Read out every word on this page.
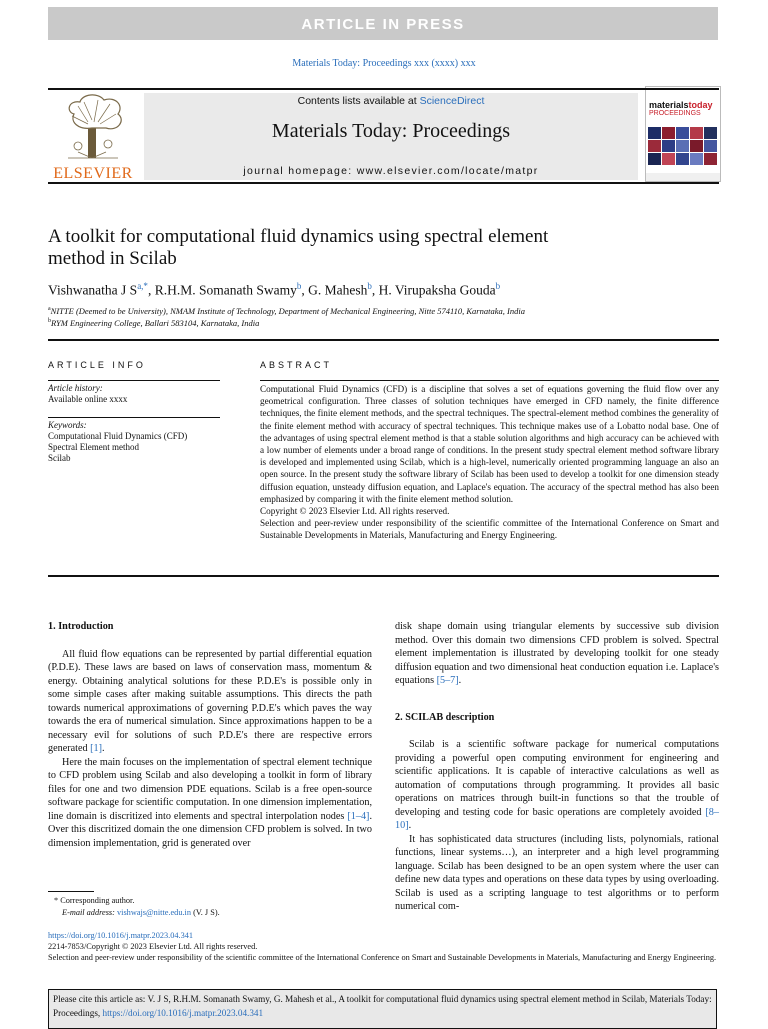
ARTICLE IN PRESS
Materials Today: Proceedings xxx (xxxx) xxx
ELSEVIER
Contents lists available at ScienceDirect
Materials Today: Proceedings
journal homepage: www.elsevier.com/locate/matpr
materialstoday
PROCEEDINGS
A toolkit for computational fluid dynamics using spectral element method in Scilab
Vishwanatha J $S^{a,*}$, R.H.M. Somanath Swamy$^b$, G. Mahesh$^b$, H. Virupaksha Gouda$^b$
$^a$NITTE (Deemed to be University), NMAM Institute of Technology, Department of Mechanical Engineering, Nitte 574110, Karnataka, India
$^b$RYM Engineering College, Ballari 583104, Karnataka, India
ARTICLE INFO
Article history:
Available online xxxx
Keywords:
Computational Fluid Dynamics (CFD)
Spectral Element method
Scilab
ABSTRACT

Computational Fluid Dynamics (CFD) is a discipline that solves a set of equations governing the fluid flow over any geometrical configuration. Three classes of solution techniques have emerged in CFD namely, the finite difference techniques, the finite element methods, and the spectral techniques. The spectral-element method combines the generality of the finite element method with accuracy of spectral techniques. This technique makes use of a Lobatto nodal base. One of the advantages of using spectral element method is that a stable solution algorithms and high accuracy can be achieved with a low number of elements under a broad range of conditions. In the present study spectral element method software library is developed and implemented using Scilab, which is a high-level, numerically oriented programming language an also an open source. In the present study the software library of Scilab has been used to develop a toolkit for one dimension steady diffusion equation, unsteady diffusion equation, and Laplace's equation. The accuracy of the spectral method has also been emphasized by comparing it with the finite element method solution.

Copyright © 2023 Elsevier Ltd. All rights reserved.

Selection and peer-review under responsibility of the scientific committee of the International Conference on Smart and Sustainable Developments in Materials, Manufacturing and Energy Engineering.

1. Introduction

All fluid flow equations can be represented by partial differential equation (P.D.E). These laws are based on laws of conservation mass, momentum & energy. Obtaining analytical solutions for these P.D.E's is possible only in some simple cases after making suitable assumptions. This directs the path towards numerical approximations of governing P.D.E's which paves the way towards the era of numerical simulation. Since approximations happen to be a necessary evil for solutions of such P.D.E's there are respective errors generated [1].

Here the main focuses on the implementation of spectral element technique to CFD problem using Scilab and also developing a toolkit in form of library files for one and two dimension PDE equations. Scilab is a free open-source software package for scientific computation. In one dimension implementation, line domain is discritized into elements and spectral interpolation nodes [1–4]. Over this discritized domain the one dimension CFD problem is solved. In two dimension implementation, grid is generated over

disk shape domain using triangular elements by successive sub division method. Over this domain two dimensions CFD problem is solved. Spectral element implementation is illustrated by developing toolkit for one steady diffusion equation and two dimensional heat conduction equation i.e. Laplace's equations [5–7].

2. SCILAB description

Scilab is a scientific software package for numerical computations providing a powerful open computing environment for engineering and scientific applications. It is capable of interactive calculations as well as automation of computations through programming. It provides all basic operations on matrices through built-in functions so that the trouble of developing and testing code for basic operations are completely avoided [8–10].

It has sophisticated data structures (including lists, polynomials, rational functions, linear systems…), an interpreter and a high level programming language. Scilab has been designed to be an open system where the user can define new data types and operations on these data types by using overloading. Scilab is used as a scripting language to test algorithms or to perform numerical com-

* Corresponding author.
E-mail address: vishwajs@nitte.edu.in (V. J S).
https://doi.org/10.1016/j.matpr.2023.04.341
2214-7853/Copyright © 2023 Elsevier Ltd. All rights reserved.
Selection and peer-review under responsibility of the scientific committee of the International Conference on Smart and Sustainable Developments in Materials, Manufacturing and Energy Engineering.
Please cite this article as: V. J S, R.H.M. Somanath Swamy, G. Mahesh et al., A toolkit for computational fluid dynamics using spectral element method in Scilab, Materials Today: Proceedings, https://doi.org/10.1016/j.matpr.2023.04.341
